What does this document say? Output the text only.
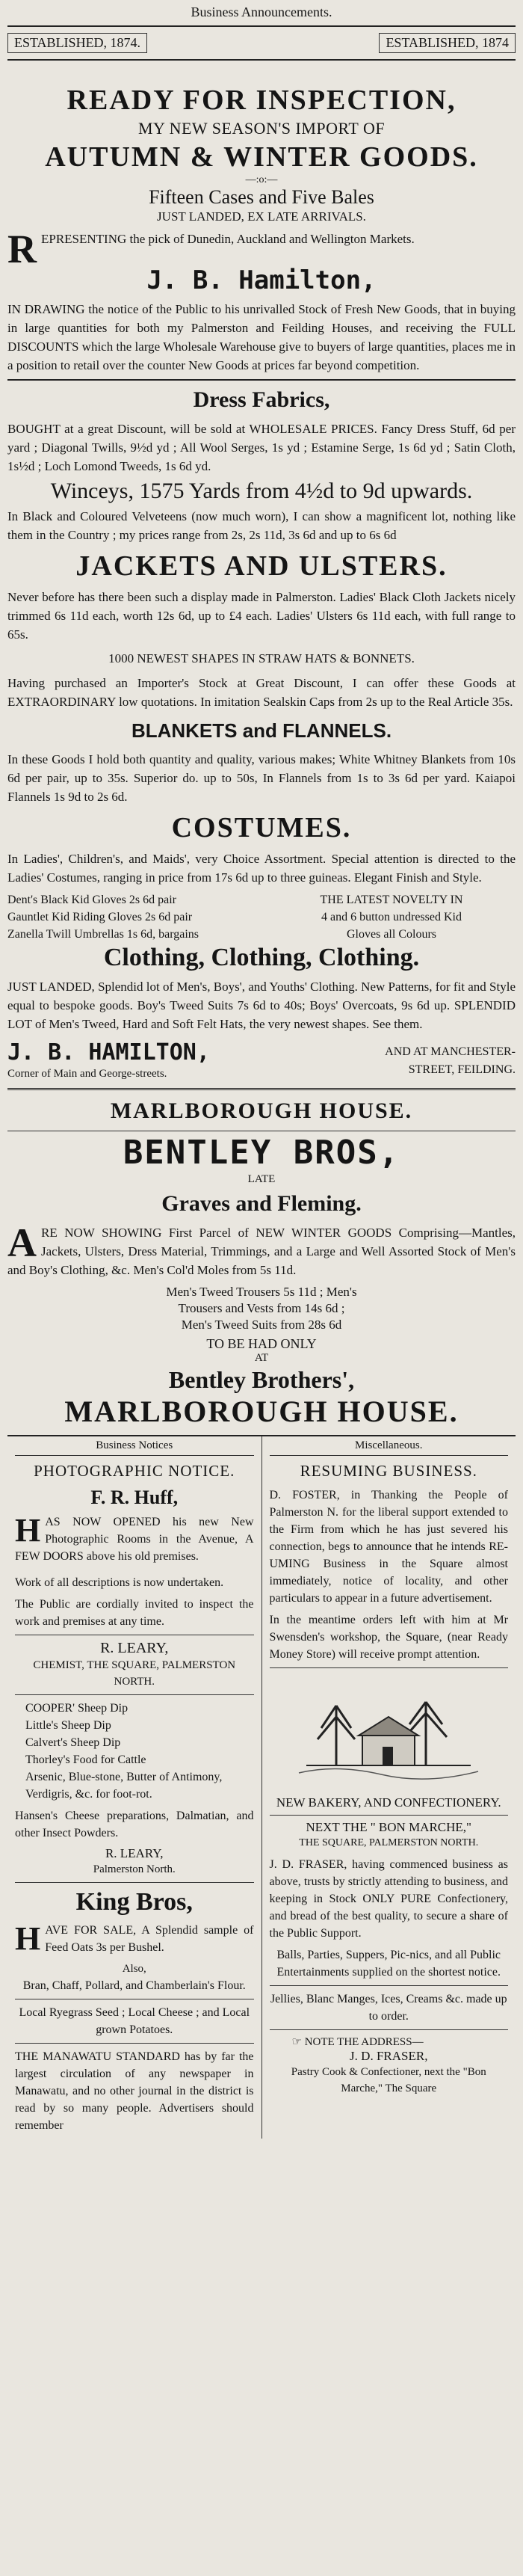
Business Announcements.
ESTABLISHED, 1874.	ESTABLISHED, 1874
READY FOR INSPECTION,
MY NEW SEASON'S IMPORT OF
AUTUMN & WINTER GOODS.
—:o:—
Fifteen Cases and Five Bales
JUST LANDED, EX LATE ARRIVALS.

REPRESENTING the pick of Dunedin, Auckland and Wellington Markets.

J. B. Hamilton,

IN DRAWING the notice of the Public to his unrivalled Stock of Fresh New Goods, that in buying in large quantities for both my Palmerston and Feilding Houses, and receiving the FULL DISCOUNTS which the large Wholesale Warehouse give to buyers of large quantities, places me in a position to retail over the counter New Goods at prices far beyond competition.

Dress Fabrics,

BOUGHT at a great Discount, will be sold at WHOLESALE PRICES. Fancy Dress Stuff, 6d per yard ; Diagonal Twills, 9½d yd ; All Wool Serges, 1s yd ; Estamine Serge, 1s 6d yd ; Satin Cloth, 1s½d ; Loch Lomond Tweeds, 1s 6d yd.

Winceys, 1575 Yards from 4½d to 9d upwards.

In Black and Coloured Velveteens (now much worn), I can show a magnificent lot, nothing like them in the Country ; my prices range from 2s, 2s 11d, 3s 6d and up to 6s 6d

JACKETS AND ULSTERS.

Never before has there been such a display made in Palmerston. Ladies' Black Cloth Jackets nicely trimmed 6s 11d each, worth 12s 6d, up to £4 each. Ladies' Ulsters 6s 11d each, with full range to 65s.

1000 NEWEST SHAPES IN STRAW HATS & BONNETS.

Having purchased an Importer's Stock at Great Discount, I can offer these Goods at EXTRAORDINARY low quotations. In imitation Sealskin Caps from 2s up to the Real Article 35s.

BLANKETS and FLANNELS.

In these Goods I hold both quantity and quality, various makes; White Whitney Blankets from 10s 6d per pair, up to 35s. Superior do. up to 50s, In Flannels from 1s to 3s 6d per yard. Kaiapoi Flannels 1s 9d to 2s 6d.

COSTUMES.

In Ladies', Children's, and Maids', very Choice Assortment. Special attention is directed to the Ladies' Costumes, ranging in price from 17s 6d up to three guineas. Elegant Finish and Style.

Dent's Black Kid Gloves 2s 6d pair
Gauntlet Kid Riding Gloves 2s 6d pair
Zanella Twill Umbrellas 1s 6d, bargains
THE LATEST NOVELTY IN
4 and 6 button undressed Kid
Gloves all Colours
Clothing, Clothing, Clothing.

JUST LANDED, Splendid lot of Men's, Boys', and Youths' Clothing. New Patterns, for fit and Style equal to bespoke goods. Boy's Tweed Suits 7s 6d to 40s; Boys' Overcoats, 9s 6d up. SPLENDID LOT of Men's Tweed, Hard and Soft Felt Hats, the very newest shapes. See them.

J. B. HAMILTON,
Corner of Main and George-streets.
AND AT MANCHESTER-
STREET, FEILDING.
MARLBOROUGH HOUSE.
BENTLEY BROS,
LATE
Graves and Fleming.

ARE NOW SHOWING First Parcel of NEW WINTER GOODS Comprising—Mantles, Jackets, Ulsters, Dress Material, Trimmings, and a Large and Well Assorted Stock of Men's and Boy's Clothing, &c. Men's Col'd Moles from 5s 11d.

Men's Tweed Trousers 5s 11d ; Men's
Trousers and Vests from 14s 6d ;
Men's Tweed Suits from 28s 6d
TO BE HAD ONLY
AT
Bentley Brothers',
MARLBOROUGH HOUSE.
Business Notices
PHOTOGRAPHIC NOTICE.
F. R. Huff,

HAS NOW OPENED his new New Photographic Rooms in the Avenue, A FEW DOORS above his old premises.

Work of all descriptions is now undertaken.

The Public are cordially invited to inspect the work and premises at any time.

R. LEARY,
CHEMIST, THE SQUARE, PALMERSTON NORTH.
COOPER' Sheep Dip
Little's Sheep Dip
Calvert's Sheep Dip
Thorley's Food for Cattle
Arsenic, Blue-stone, Butter of Antimony, Verdigris, &c. for foot-rot.

Hansen's Cheese preparations, Dalmatian, and other Insect Powders.

R. LEARY,
Palmerston North.
King Bros,

HAVE FOR SALE, A Splendid sample of Feed Oats 3s per Bushel.

Also,
Bran, Chaff, Pollard, and Chamberlain's Flour.
Local Ryegrass Seed ; Local Cheese ; and Local grown Potatoes.

THE MANAWATU STANDARD has by far the largest circulation of any newspaper in Manawatu, and no other journal in the district is read by so many people. Advertisers should remember

Miscellaneous.
RESUMING BUSINESS.

D. FOSTER, in Thanking the People of Palmerston N. for the liberal support extended to the Firm from which he has just severed his connection, begs to announce that he intends RE-UMING Business in the Square almost immediately, notice of locality, and other particulars to appear in a future advertisement.

In the meantime orders left with him at Mr Swensden's workshop, the Square, (near Ready Money Store) will receive prompt attention.

NEW BAKERY, AND CONFECTIONERY.
NEXT THE " BON MARCHE,"
THE SQUARE, PALMERSTON NORTH.

J. D. FRASER, having commenced business as above, trusts by strictly attending to business, and keeping in Stock ONLY PURE Confectionery, and bread of the best quality, to secure a share of the Public Support.

Balls, Parties, Suppers, Pic-nics, and all Public Entertainments supplied on the shortest notice.

Jellies, Blanc Manges, Ices, Creams &c. made up to order.

☞ NOTE THE ADDRESS—
J. D. FRASER,
Pastry Cook & Confectioner, next the "Bon Marche," The Square
